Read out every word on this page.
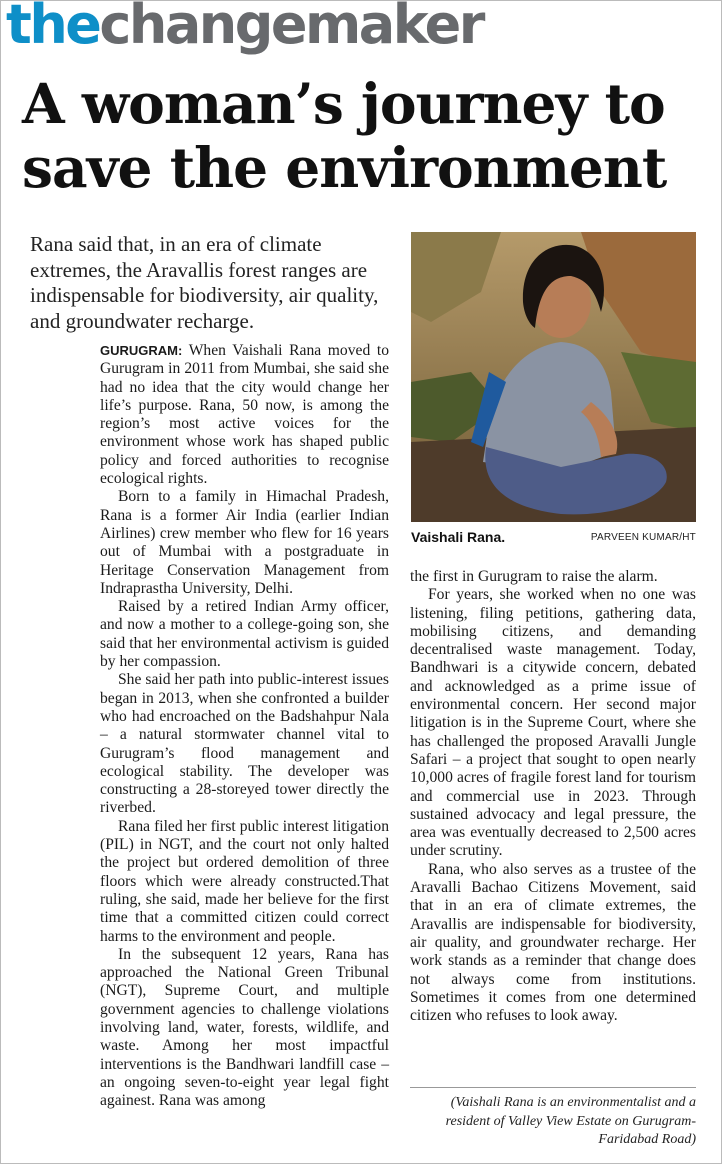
thechangemaker
A woman’s journey to
save the environment

Rana said that, in an era of climate extremes, the Aravallis forest ranges are indispensable for biodiversity, air quality, and groundwater recharge.

Vaishali Rana.	PARVEEN KUMAR/HT

GURUGRAM: When Vaishali Rana moved to Gurugram in 2011 from Mumbai, she said she had no idea that the city would change her life’s purpose. Rana, 50 now, is among the region’s most active voices for the environment whose work has shaped public policy and forced authorities to recognise ecological rights.

Born to a family in Himachal Pradesh, Rana is a former Air India (earlier Indian Airlines) crew member who flew for 16 years out of Mumbai with a postgraduate in Heritage Conservation Management from Indraprastha University, Delhi.

Raised by a retired Indian Army officer, and now a mother to a college-going son, she said that her environmental activism is guided by her compassion.

She said her path into public-interest issues began in 2013, when she confronted a builder who had encroached on the Badshahpur Nala – a natural stormwater channel vital to Gurugram’s flood management and ecological stability. The developer was constructing a 28-storeyed tower directly the riverbed.

Rana filed her first public interest litigation (PIL) in NGT, and the court not only halted the project but ordered demolition of three floors which were already constructed.That ruling, she said, made her believe for the first time that a committed citizen could correct harms to the environment and people.

In the subsequent 12 years, Rana has approached the National Green Tribunal (NGT), Supreme Court, and multiple government agencies to challenge violations involving land, water, forests, wildlife, and waste. Among her most impactful interventions is the Bandhwari landfill case – an ongoing seven-to-eight year legal fight againest. Rana was among

the first in Gurugram to raise the alarm.

For years, she worked when no one was listening, filing petitions, gathering data, mobilising citizens, and demanding decentralised waste management. Today, Bandhwari is a citywide concern, debated and acknowledged as a prime issue of environmental concern. Her second major litigation is in the Supreme Court, where she has challenged the proposed Aravalli Jungle Safari – a project that sought to open nearly 10,000 acres of fragile forest land for tourism and commercial use in 2023. Through sustained advocacy and legal pressure, the area was eventually decreased to 2,500 acres under scrutiny.

Rana, who also serves as a trustee of the Aravalli Bachao Citizens Movement, said that in an era of climate extremes, the Aravallis are indispensable for biodiversity, air quality, and groundwater recharge. Her work stands as a reminder that change does not always come from institutions. Sometimes it comes from one determined citizen who refuses to look away.

(Vaishali Rana is an environmentalist and a resident of Valley View Estate on Gurugram-Faridabad Road)
